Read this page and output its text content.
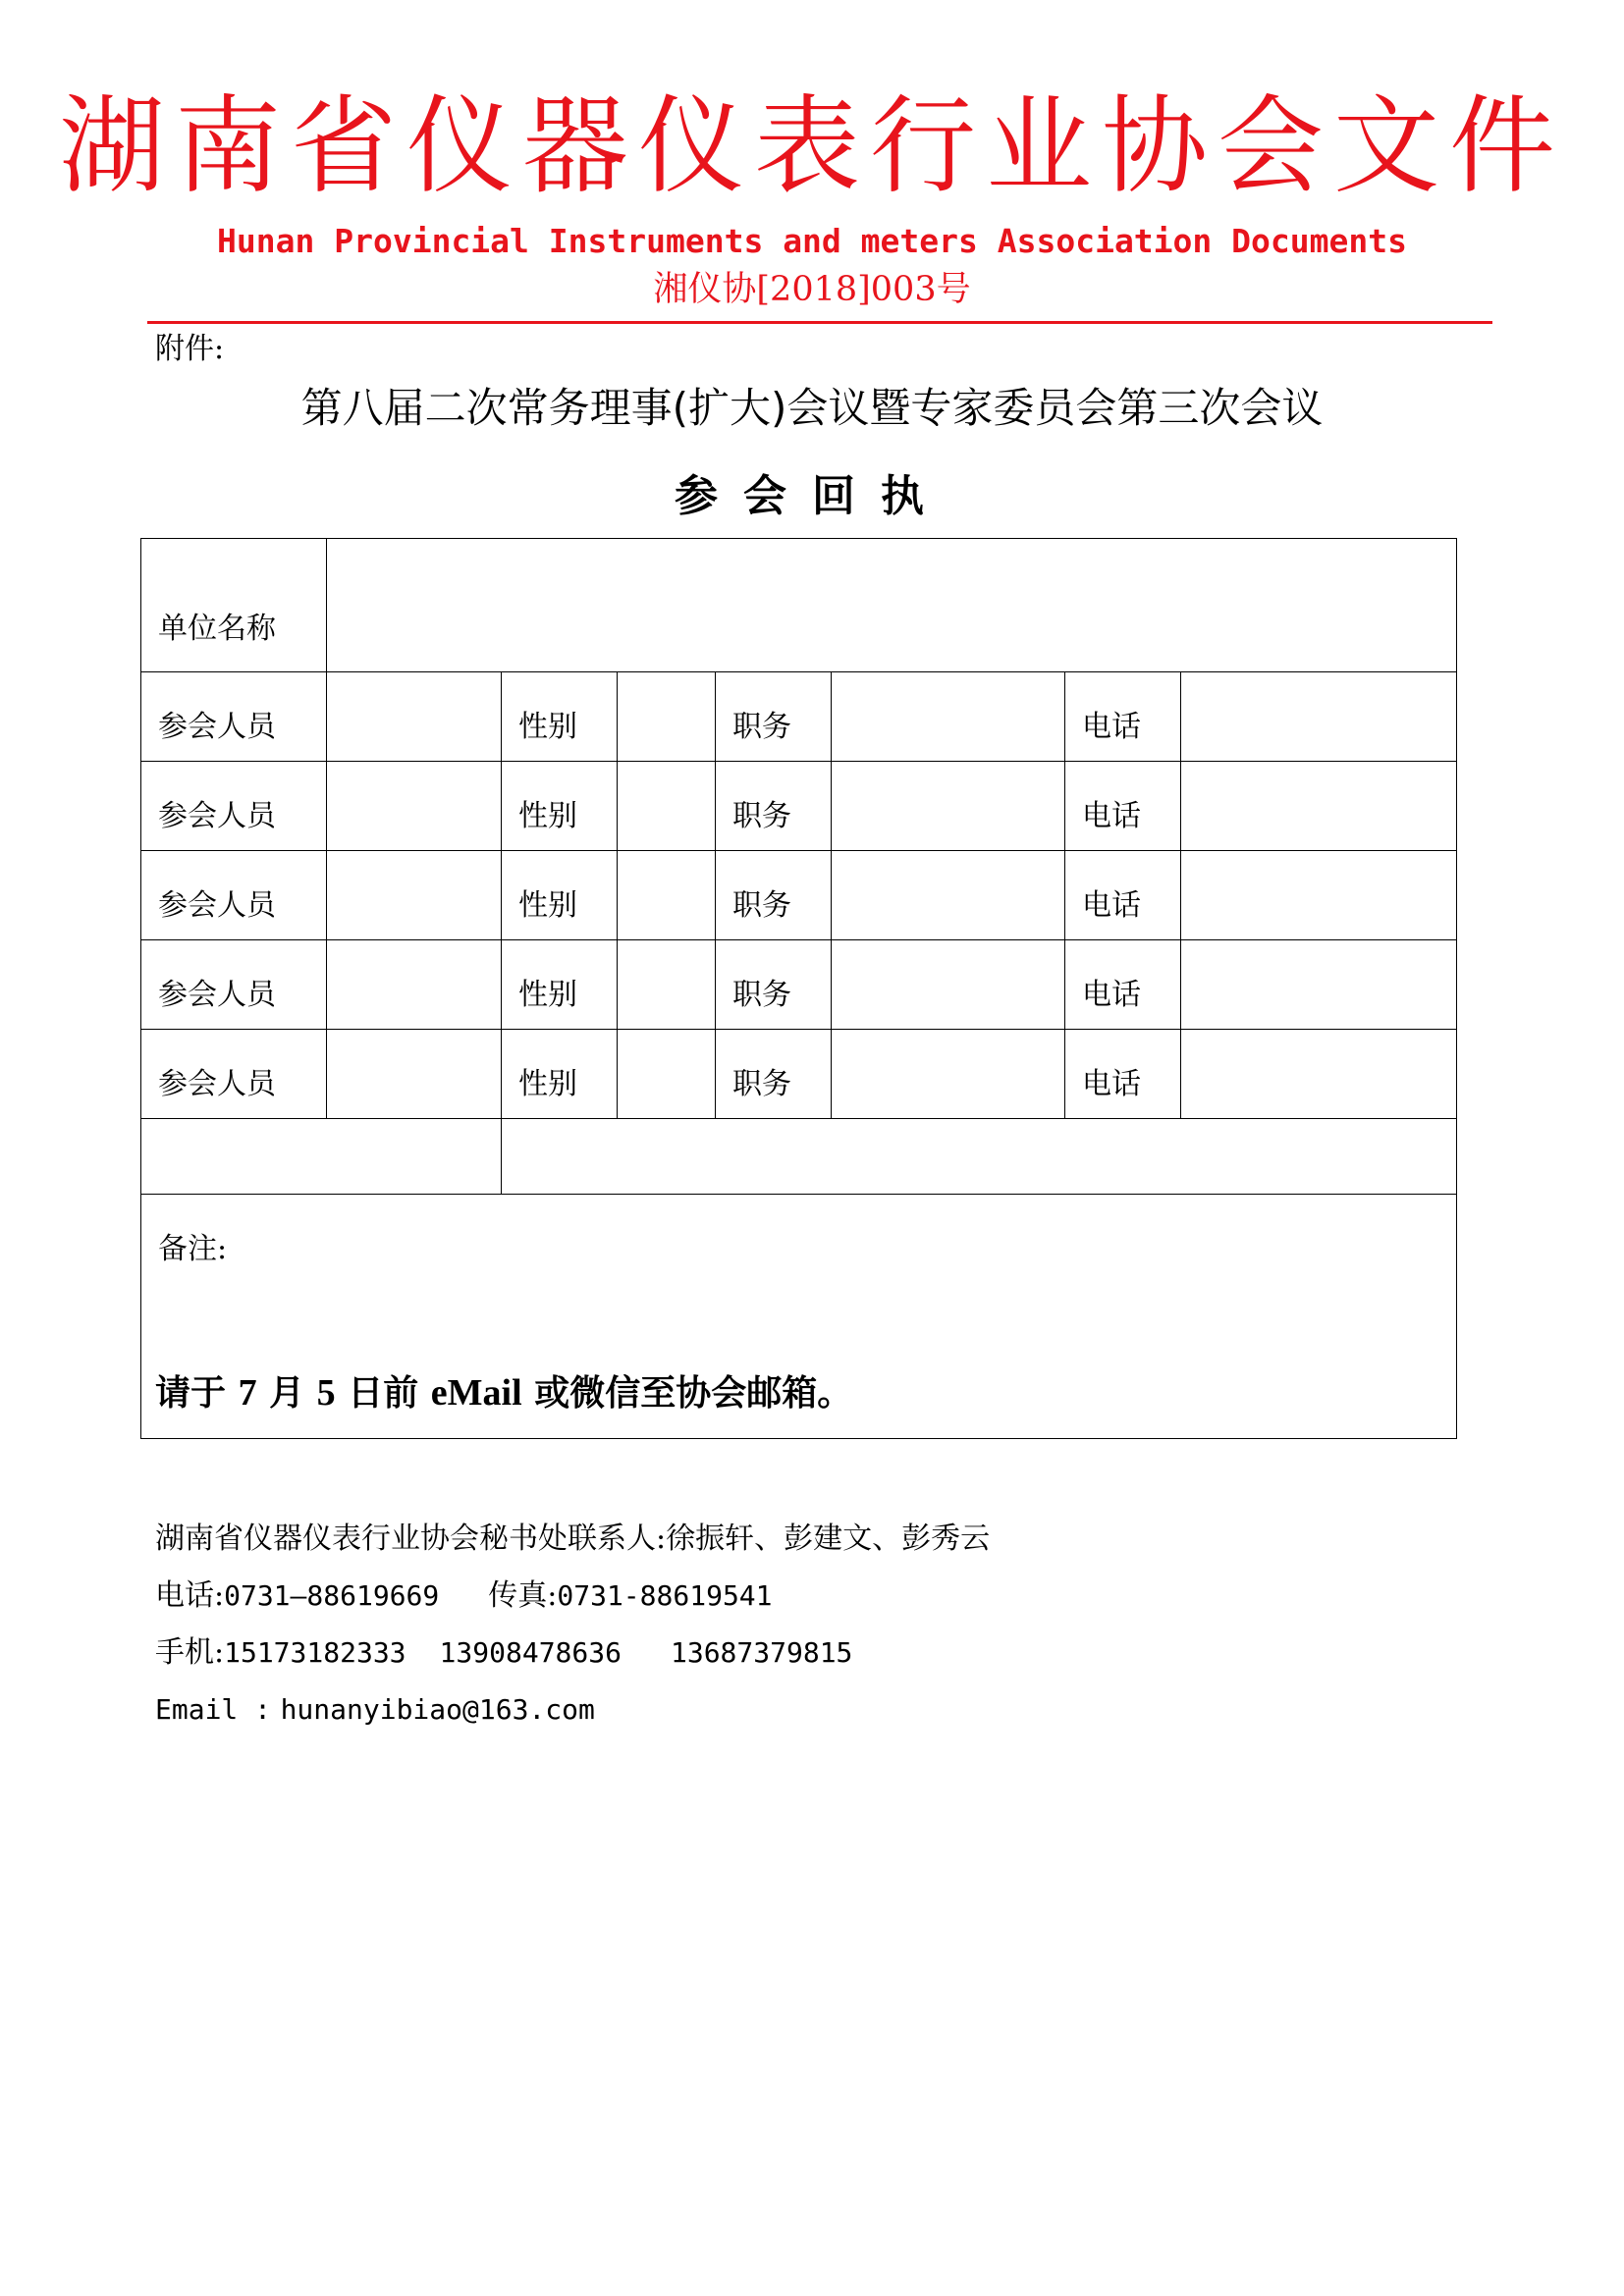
湖南省仪器仪表行业协会文件
Hunan Provincial Instruments and meters Association Documents
湘仪协[2018]003号
附件:
第八届二次常务理事(扩大)会议暨专家委员会第三次会议
参会回执
单位名称							
参会人员		性别		职务		电话	
参会人员		性别		职务		电话	
参会人员		性别		职务		电话	
参会人员		性别		职务		电话	
参会人员		性别		职务		电话	

备注:							
请于 7 月 5 日前 eMail 或微信至协会邮箱。
湖南省仪器仪表行业协会秘书处联系人:徐振轩、彭建文、彭秀云
电话:0731—88619669 传真:0731-88619541
手机:15173182333 13908478636 13687379815
Email : hunanyibiao@163.com
